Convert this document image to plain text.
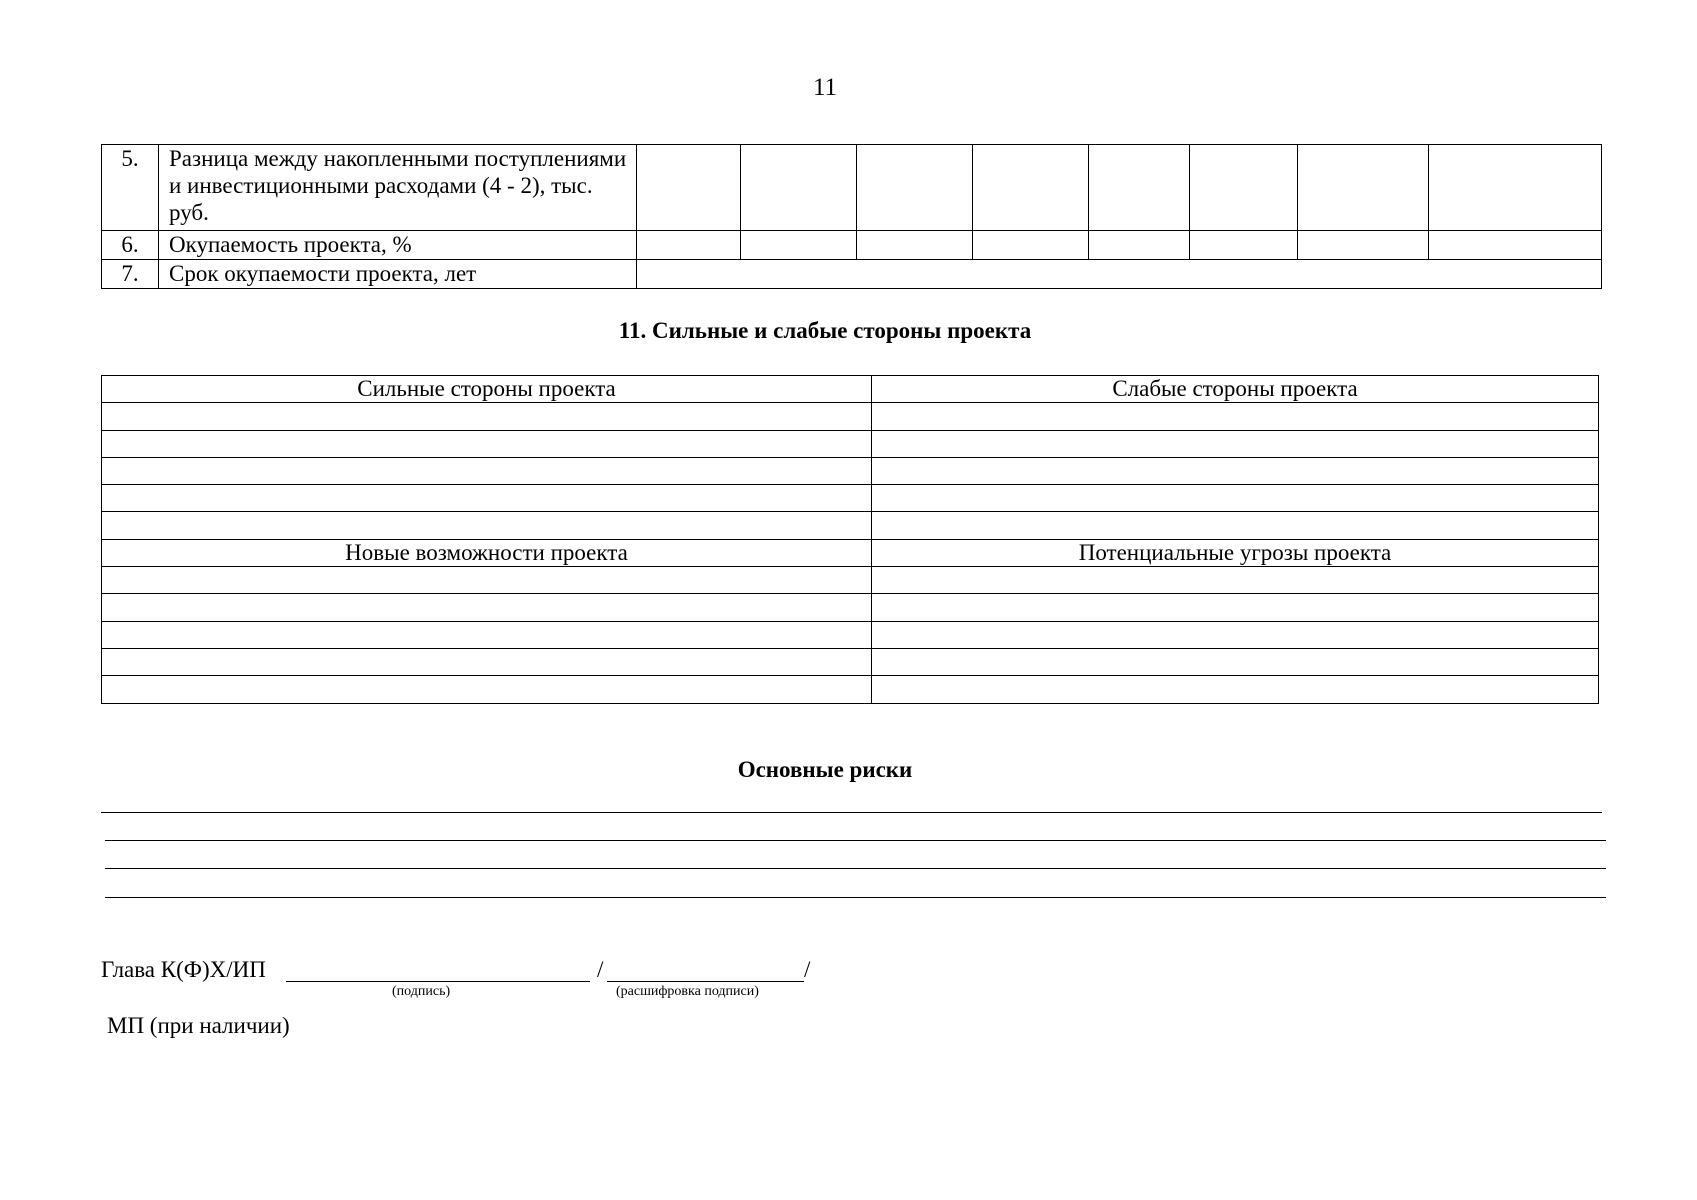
11
5.	Разница между накопленными поступлениями и инвестиционными расходами (4 - 2), тыс. руб.								
6.	Окупаемость проекта, %								
7.	Срок окупаемости проекта, лет								
11. Сильные и слабые стороны проекта
Сильные стороны проекта	Слабые стороны проекта

Новые возможности проекта	Потенциальные угрозы проекта

Основные риски
Глава К(Ф)Х/ИП	/	/
(подпись)	(расшифровка подписи)
МП (при наличии)
